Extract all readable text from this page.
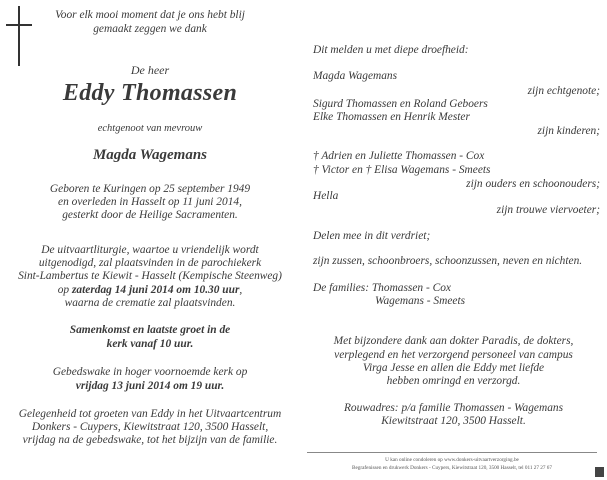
Voor elk mooi moment dat je ons hebt blij
gemaakt zeggen we dank
De heer
Eddy Thomassen
echtgenoot van mevrouw
Magda Wagemans
Geboren te Kuringen op 25 september 1949
en overleden in Hasselt op 11 juni 2014,
gesterkt door de Heilige Sacramenten.
De uitvaartliturgie, waartoe u vriendelijk wordt
uitgenodigd, zal plaatsvinden in de parochiekerk
Sint-Lambertus te Kiewit - Hasselt (Kempische Steenweg)
op zaterdag 14 juni 2014 om 10.30 uur,
waarna de crematie zal plaatsvinden.
Samenkomst en laatste groet in de
kerk vanaf 10 uur.
Gebedswake in hoger voornoemde kerk op
vrijdag 13 juni 2014 om 19 uur.
Gelegenheid tot groeten van Eddy in het Uitvaartcentrum
Donkers - Cuypers, Kiewitstraat 120, 3500 Hasselt,
vrijdag na de gebedswake, tot het bijzijn van de familie.
Dit melden u met diepe droefheid:
Magda Wagemans
zijn echtgenote;
Sigurd Thomassen en Roland Geboers
Elke Thomassen en Henrik Mester
zijn kinderen;
† Adrien en Juliette Thomassen - Cox
† Victor en † Elisa Wagemans - Smeets
zijn ouders en schoonouders;
Hella
zijn trouwe viervoeter;
Delen mee in dit verdriet;
zijn zussen, schoonbroers, schoonzussen, neven en nichten.
De families: Thomassen - Cox
Wagemans - Smeets
Met bijzondere dank aan dokter Paradis, de dokters,
verplegend en het verzorgend personeel van campus
Virga Jesse en allen die Eddy met liefde
hebben omringd en verzorgd.
Rouwadres: p/a familie Thomassen - Wagemans
Kiewitstraat 120, 3500 Hasselt.
U kan online condoleren op www.donkers-uitvaartverzorging.be
Begrafenissen en drukwerk Donkers - Cuypers, Kiewitstraat 120, 3500 Hasselt, tel 011 27 27 67
